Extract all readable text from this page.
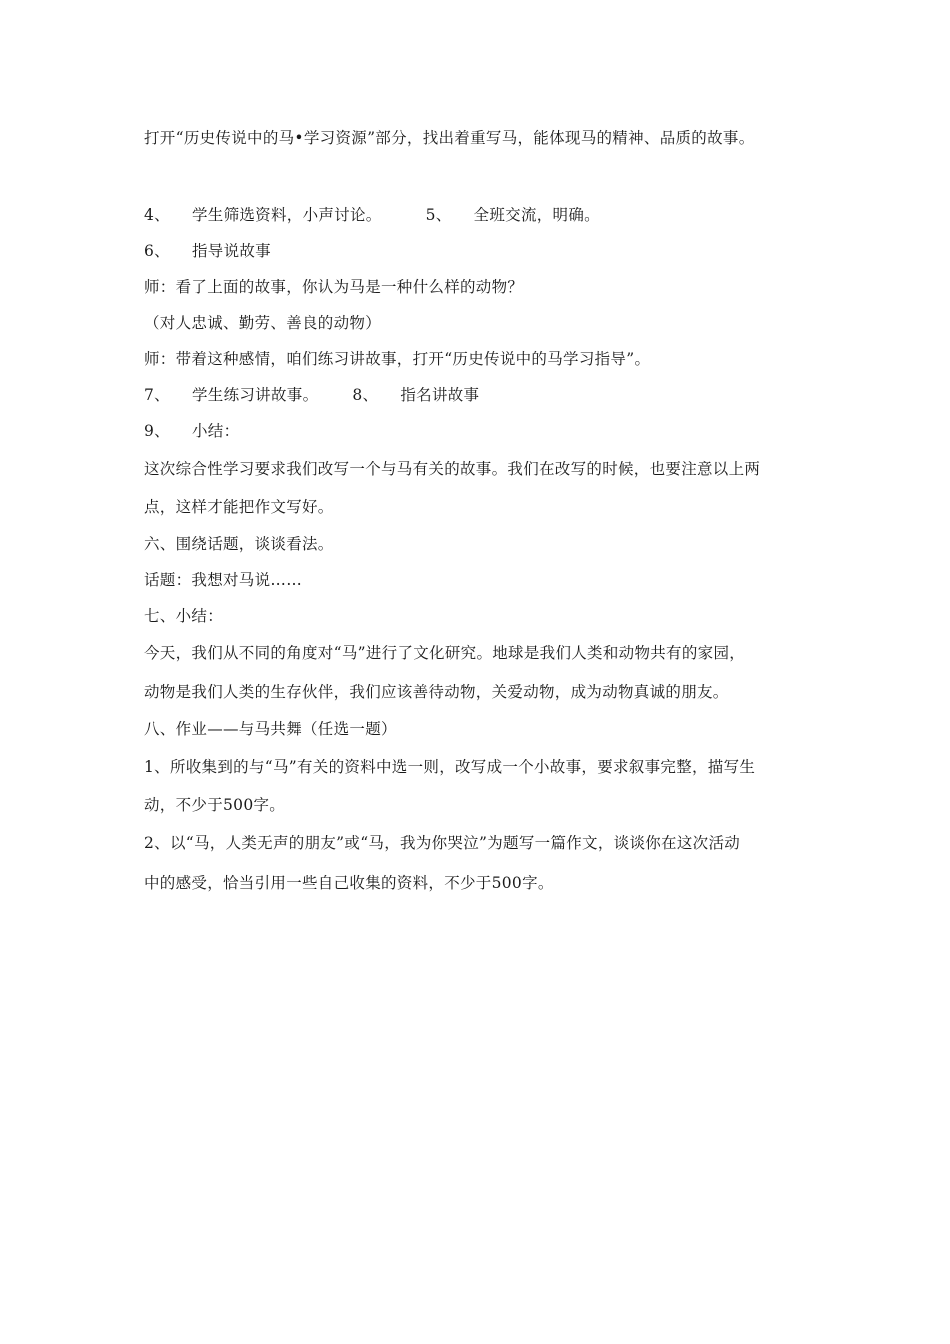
打开“历史传说中的马•学习资源”部分，找出着重写马，能体现马的精神、品质的故事。
4、 学生筛选资料，小声讨论。	5、 全班交流，明确。
6、 指导说故事
师：看了上面的故事，你认为马是一种什么样的动物？
（对人忠诚、勤劳、善良的动物）
师：带着这种感情，咱们练习讲故事，打开“历史传说中的马学习指导”。
7、 学生练习讲故事。 8、 指名讲故事
9、 小结：
这次综合性学习要求我们改写一个与马有关的故事。我们在改写的时候，也要注意以上两
点，这样才能把作文写好。
六、围绕话题，谈谈看法。
话题：我想对马说……
七、小结：
今天，我们从不同的角度对“马”进行了文化研究。地球是我们人类和动物共有的家园，
动物是我们人类的生存伙伴，我们应该善待动物，关爱动物，成为动物真诚的朋友。
八、作业——与马共舞（任选一题）
1、所收集到的与“马”有关的资料中选一则，改写成一个小故事，要求叙事完整，描写生
动，不少于500字。
2、以“马，人类无声的朋友”或“马，我为你哭泣”为题写一篇作文，谈谈你在这次活动
中的感受，恰当引用一些自己收集的资料，不少于500字。
